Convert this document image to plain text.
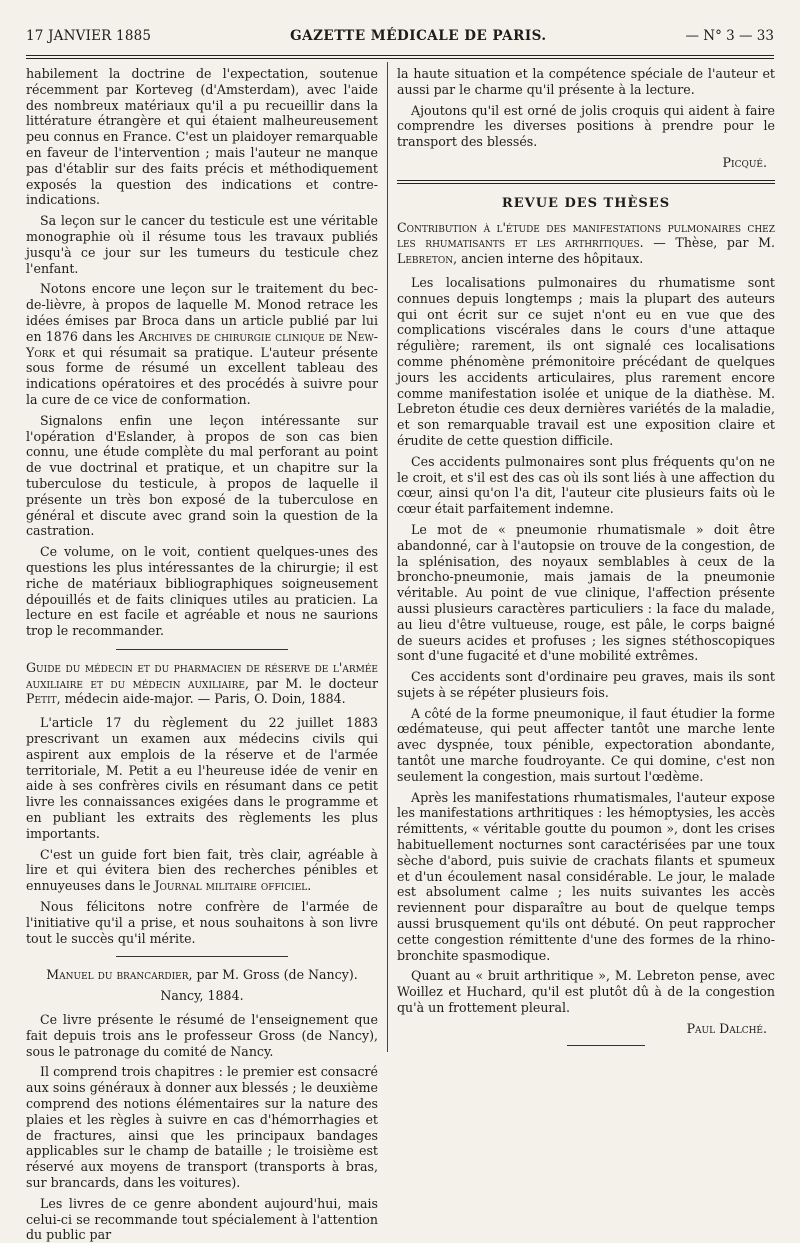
17 JANVIER 1885	GAZETTE MÉDICALE DE PARIS.	— N° 3 — 33

habilement la doctrine de l'expectation, soutenue récemment par Korteveg (d'Amsterdam), avec l'aide des nombreux matériaux qu'il a pu recueillir dans la littérature étrangère et qui étaient malheureusement peu connus en France. C'est un plaidoyer remarquable en faveur de l'intervention ; mais l'auteur ne manque pas d'établir sur des faits précis et méthodiquement exposés la question des indications et contre-indications.

Sa leçon sur le cancer du testicule est une véritable monographie où il résume tous les travaux publiés jusqu'à ce jour sur les tumeurs du testicule chez l'enfant.

Notons encore une leçon sur le traitement du bec-de-lièvre, à propos de laquelle M. Monod retrace les idées émises par Broca dans un article publié par lui en 1876 dans les Archives de chirurgie clinique de New-York et qui résumait sa pratique. L'auteur présente sous forme de résumé un excellent tableau des indications opératoires et des procédés à suivre pour la cure de ce vice de conformation.

Signalons enfin une leçon intéressante sur l'opération d'Eslander, à propos de son cas bien connu, une étude complète du mal perforant au point de vue doctrinal et pratique, et un chapitre sur la tuberculose du testicule, à propos de laquelle il présente un très bon exposé de la tuberculose en général et discute avec grand soin la question de la castration.

Ce volume, on le voit, contient quelques-unes des questions les plus intéressantes de la chirurgie; il est riche de matériaux bibliographiques soigneusement dépouillés et de faits cliniques utiles au praticien. La lecture en est facile et agréable et nous ne saurions trop le recommander.

Guide du médecin et du pharmacien de réserve de l'armée auxiliaire et du médecin auxiliaire, par M. le docteur Petit, médecin aide-major. — Paris, O. Doin, 1884.

L'article 17 du règlement du 22 juillet 1883 prescrivant un examen aux médecins civils qui aspirent aux emplois de la réserve et de l'armée territoriale, M. Petit a eu l'heureuse idée de venir en aide à ses confrères civils en résumant dans ce petit livre les connaissances exigées dans le programme et en publiant les extraits des règlements les plus importants.

C'est un guide fort bien fait, très clair, agréable à lire et qui évitera bien des recherches pénibles et ennuyeuses dans le Journal militaire officiel.

Nous félicitons notre confrère de l'armée de l'initiative qu'il a prise, et nous souhaitons à son livre tout le succès qu'il mérite.

Manuel du brancardier, par M. Gross (de Nancy).

Nancy, 1884.

Ce livre présente le résumé de l'enseignement que fait depuis trois ans le professeur Gross (de Nancy), sous le patronage du comité de Nancy.

Il comprend trois chapitres : le premier est consacré aux soins généraux à donner aux blessés ; le deuxième comprend des notions élémentaires sur la nature des plaies et les règles à suivre en cas d'hémorrhagies et de fractures, ainsi que les principaux bandages applicables sur le champ de bataille ; le troisième est réservé aux moyens de transport (transports à bras, sur brancards, dans les voitures).

Les livres de ce genre abondent aujourd'hui, mais celui-ci se recommande tout spécialement à l'attention du public par

la haute situation et la compétence spéciale de l'auteur et aussi par le charme qu'il présente à la lecture.

Ajoutons qu'il est orné de jolis croquis qui aident à faire comprendre les diverses positions à prendre pour le transport des blessés.

Picqué.

REVUE DES THÈSES

Contribution à l'étude des manifestations pulmonaires chez les rhumatisants et les arthritiques. — Thèse, par M. Lebreton, ancien interne des hôpitaux.

Les localisations pulmonaires du rhumatisme sont connues depuis longtemps ; mais la plupart des auteurs qui ont écrit sur ce sujet n'ont eu en vue que des complications viscérales dans le cours d'une attaque régulière; rarement, ils ont signalé ces localisations comme phénomène prémonitoire précédant de quelques jours les accidents articulaires, plus rarement encore comme manifestation isolée et unique de la diathèse. M. Lebreton étudie ces deux dernières variétés de la maladie, et son remarquable travail est une exposition claire et érudite de cette question difficile.

Ces accidents pulmonaires sont plus fréquents qu'on ne le croit, et s'il est des cas où ils sont liés à une affection du cœur, ainsi qu'on l'a dit, l'auteur cite plusieurs faits où le cœur était parfaitement indemne.

Le mot de « pneumonie rhumatismale » doit être abandonné, car à l'autopsie on trouve de la congestion, de la splénisation, des noyaux semblables à ceux de la broncho-pneumonie, mais jamais de la pneumonie véritable. Au point de vue clinique, l'affection présente aussi plusieurs caractères particuliers : la face du malade, au lieu d'être vultueuse, rouge, est pâle, le corps baigné de sueurs acides et profuses ; les signes stéthoscopiques sont d'une fugacité et d'une mobilité extrêmes.

Ces accidents sont d'ordinaire peu graves, mais ils sont sujets à se répéter plusieurs fois.

A côté de la forme pneumonique, il faut étudier la forme œdémateuse, qui peut affecter tantôt une marche lente avec dyspnée, toux pénible, expectoration abondante, tantôt une marche foudroyante. Ce qui domine, c'est non seulement la congestion, mais surtout l'œdème.

Après les manifestations rhumatismales, l'auteur expose les manifestations arthritiques : les hémoptysies, les accès rémittents, « véritable goutte du poumon », dont les crises habituellement nocturnes sont caractérisées par une toux sèche d'abord, puis suivie de crachats filants et spumeux et d'un écoulement nasal considérable. Le jour, le malade est absolument calme ; les nuits suivantes les accès reviennent pour disparaître au bout de quelque temps aussi brusquement qu'ils ont débuté. On peut rapprocher cette congestion rémittente d'une des formes de la rhino-bronchite spasmodique.

Quant au « bruit arthritique », M. Lebreton pense, avec Woillez et Huchard, qu'il est plutôt dû à de la congestion qu'à un frottement pleural.

Paul Dalché.
